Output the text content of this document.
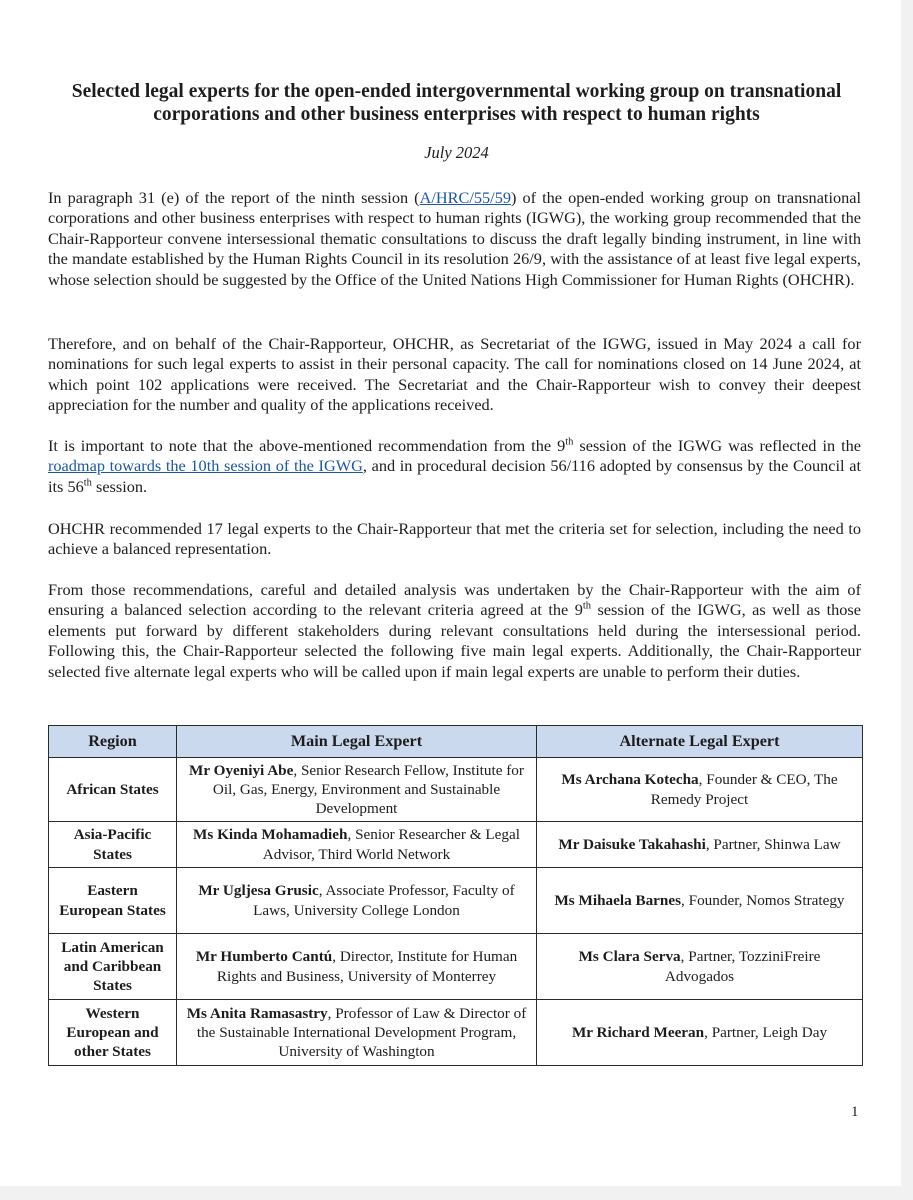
Selected legal experts for the open-ended intergovernmental working group on transnational corporations and other business enterprises with respect to human rights
July 2024

In paragraph 31 (e) of the report of the ninth session (A/HRC/55/59) of the open-ended working group on transnational corporations and other business enterprises with respect to human rights (IGWG), the working group recommended that the Chair-Rapporteur convene intersessional thematic consultations to discuss the draft legally binding instrument, in line with the mandate established by the Human Rights Council in its resolution 26/9, with the assistance of at least five legal experts, whose selection should be suggested by the Office of the United Nations High Commissioner for Human Rights (OHCHR).

Therefore, and on behalf of the Chair-Rapporteur, OHCHR, as Secretariat of the IGWG, issued in May 2024 a call for nominations for such legal experts to assist in their personal capacity. The call for nominations closed on 14 June 2024, at which point 102 applications were received. The Secretariat and the Chair-Rapporteur wish to convey their deepest appreciation for the number and quality of the applications received.

It is important to note that the above-mentioned recommendation from the 9th session of the IGWG was reflected in the roadmap towards the 10th session of the IGWG, and in procedural decision 56/116 adopted by consensus by the Council at its 56th session.

OHCHR recommended 17 legal experts to the Chair-Rapporteur that met the criteria set for selection, including the need to achieve a balanced representation.

From those recommendations, careful and detailed analysis was undertaken by the Chair-Rapporteur with the aim of ensuring a balanced selection according to the relevant criteria agreed at the 9th session of the IGWG, as well as those elements put forward by different stakeholders during relevant consultations held during the intersessional period. Following this, the Chair-Rapporteur selected the following five main legal experts. Additionally, the Chair-Rapporteur selected five alternate legal experts who will be called upon if main legal experts are unable to perform their duties.

Region	Main Legal Expert	Alternate Legal Expert
African States	Mr Oyeniyi Abe, Senior Research Fellow, Institute for Oil, Gas, Energy, Environment and Sustainable Development	Ms Archana Kotecha, Founder & CEO, The Remedy Project
Asia-Pacific States	Ms Kinda Mohamadieh, Senior Researcher & Legal Advisor, Third World Network	Mr Daisuke Takahashi, Partner, Shinwa Law
Eastern European States	Mr Ugljesa Grusic, Associate Professor, Faculty of Laws, University College London	Ms Mihaela Barnes, Founder, Nomos Strategy
Latin American and Caribbean States	Mr Humberto Cantú, Director, Institute for Human Rights and Business, University of Monterrey	Ms Clara Serva, Partner, TozziniFreire Advogados
Western European and other States	Ms Anita Ramasastry, Professor of Law & Director of the Sustainable International Development Program, University of Washington	Mr Richard Meeran, Partner, Leigh Day
1
